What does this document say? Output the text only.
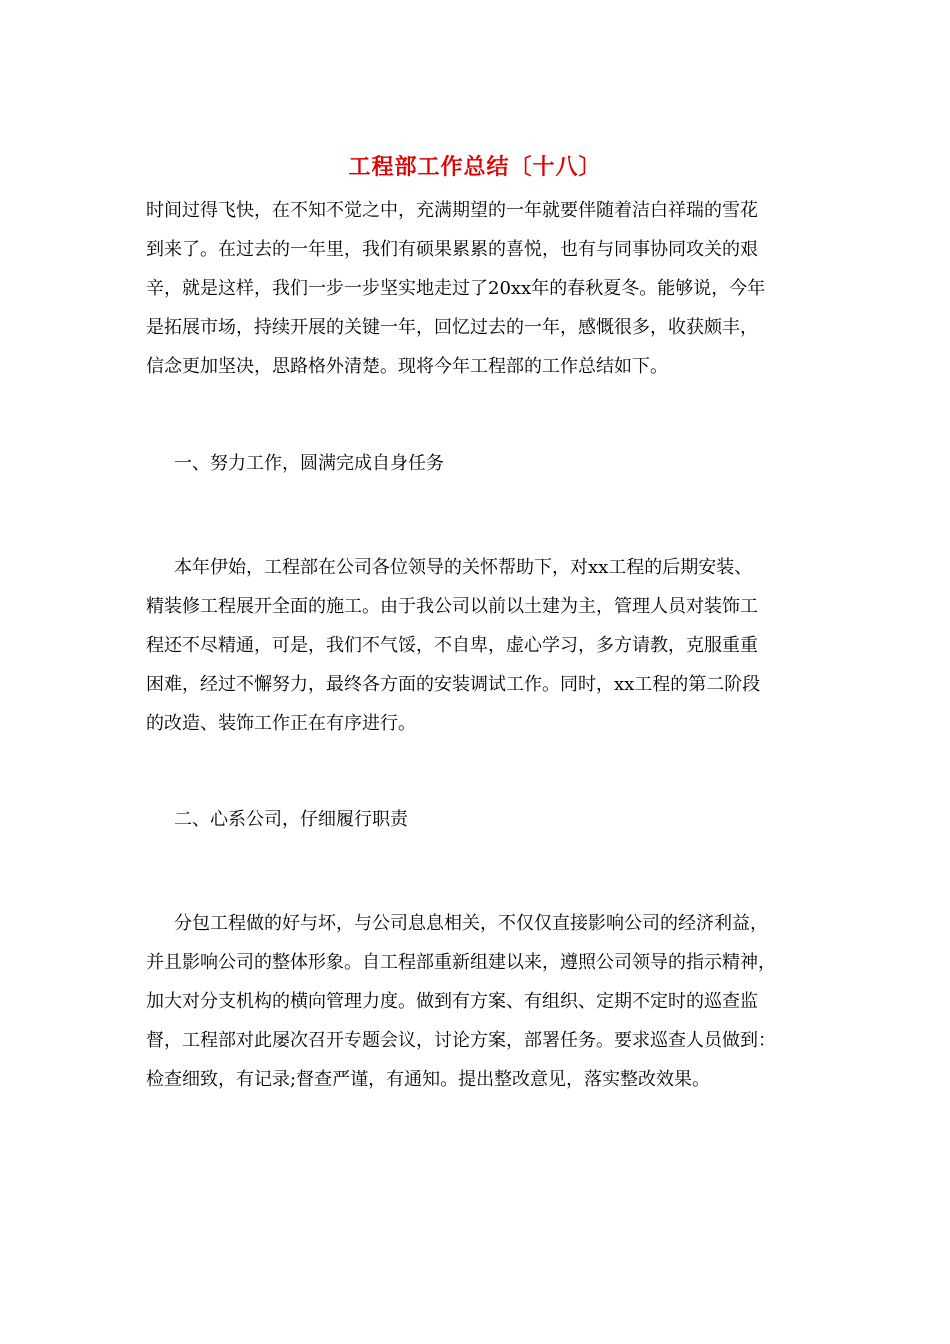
工程部工作总结〔十八〕
时间过得飞快，在不知不觉之中，充满期望的一年就要伴随着洁白祥瑞的雪花
到来了。在过去的一年里，我们有硕果累累的喜悦，也有与同事协同攻关的艰
辛，就是这样，我们一步一步坚实地走过了20xx年的春秋夏冬。能够说，今年
是拓展市场，持续开展的关键一年，回忆过去的一年，感慨很多，收获颇丰，
信念更加坚决，思路格外清楚。现将今年工程部的工作总结如下。
一、努力工作，圆满完成自身任务
本年伊始，工程部在公司各位领导的关怀帮助下，对xx工程的后期安装、
精装修工程展开全面的施工。由于我公司以前以土建为主，管理人员对装饰工
程还不尽精通，可是，我们不气馁，不自卑，虚心学习，多方请教，克服重重
困难，经过不懈努力，最终各方面的安装调试工作。同时，xx工程的第二阶段
的改造、装饰工作正在有序进行。
二、心系公司，仔细履行职责
分包工程做的好与坏，与公司息息相关，不仅仅直接影响公司的经济利益，
并且影响公司的整体形象。自工程部重新组建以来，遵照公司领导的指示精神，
加大对分支机构的横向管理力度。做到有方案、有组织、定期不定时的巡查监
督，工程部对此屡次召开专题会议，讨论方案，部署任务。要求巡查人员做到：
检查细致，有记录;督查严谨，有通知。提出整改意见，落实整改效果。
